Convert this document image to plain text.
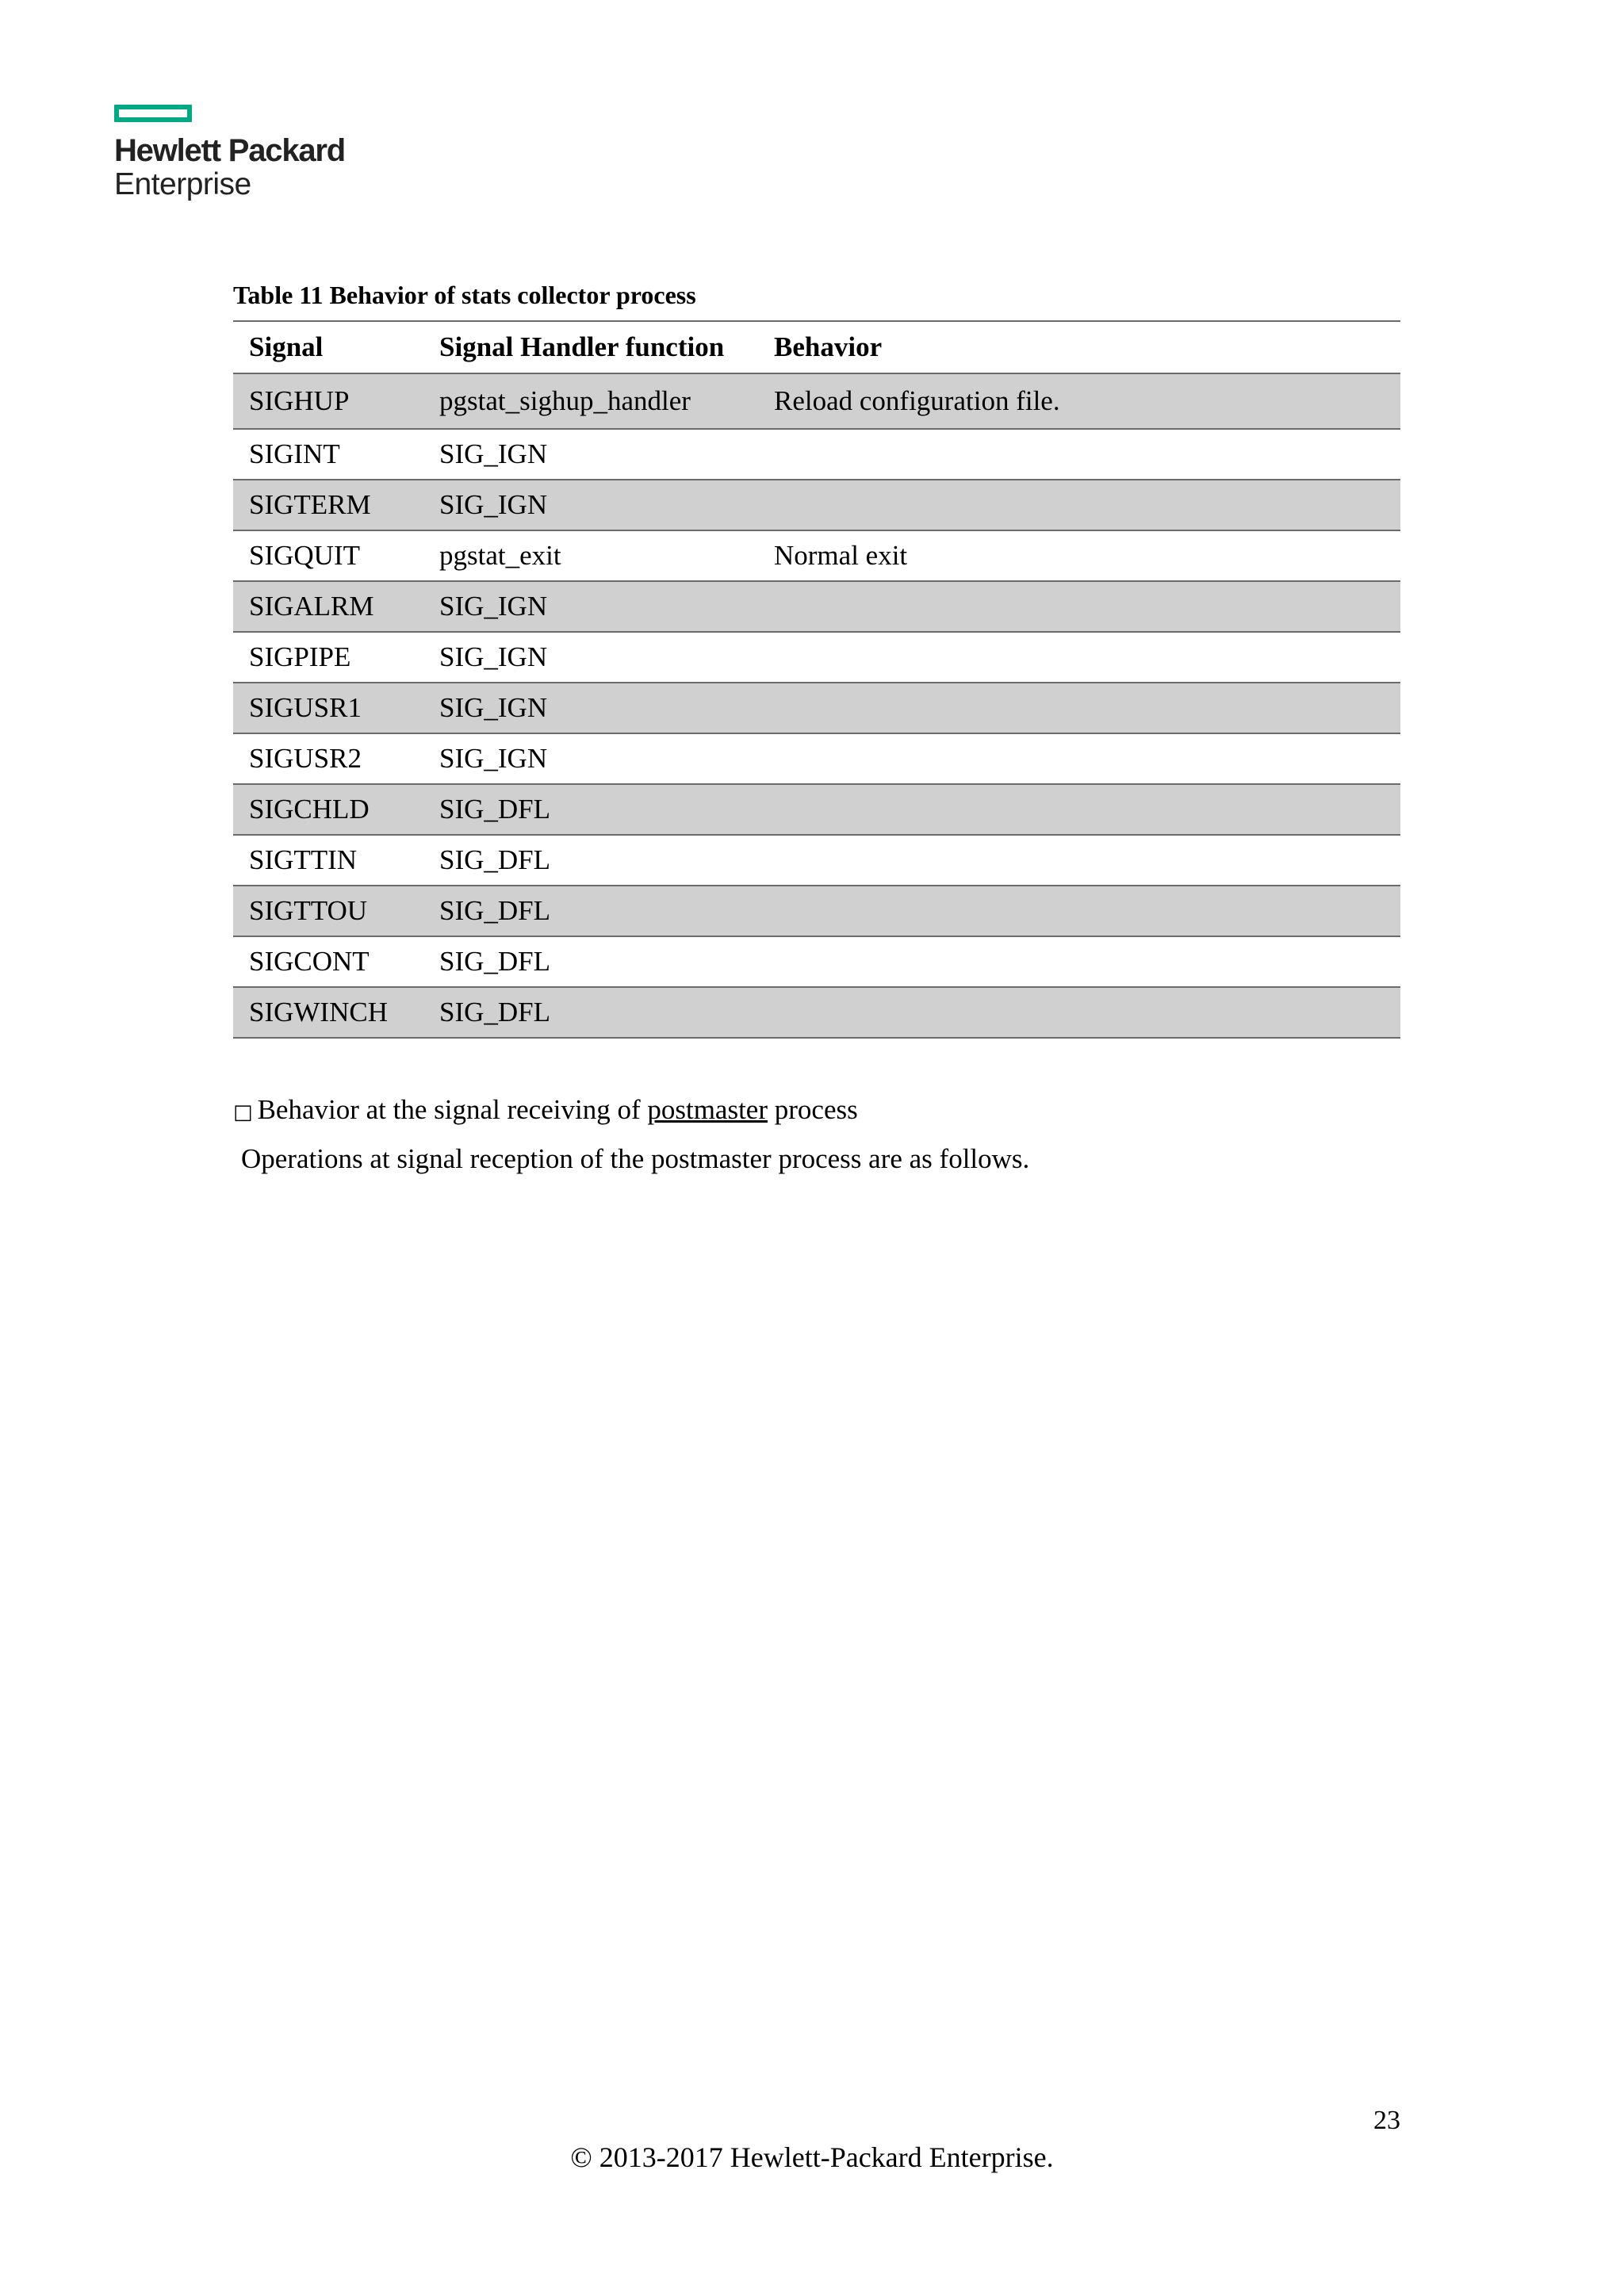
Hewlett Packard
Enterprise
Table 11 Behavior of stats collector process
Signal	Signal Handler function	Behavior
SIGHUP	pgstat_sighup_handler	Reload configuration file.
SIGINT	SIG_IGN	
SIGTERM	SIG_IGN	
SIGQUIT	pgstat_exit	Normal exit
SIGALRM	SIG_IGN	
SIGPIPE	SIG_IGN	
SIGUSR1	SIG_IGN	
SIGUSR2	SIG_IGN	
SIGCHLD	SIG_DFL	
SIGTTIN	SIG_DFL	
SIGTTOU	SIG_DFL	
SIGCONT	SIG_DFL	
SIGWINCH	SIG_DFL	
□ Behavior at the signal receiving of postmaster process
Operations at signal reception of the postmaster process are as follows.
23
© 2013-2017 Hewlett-Packard Enterprise.
